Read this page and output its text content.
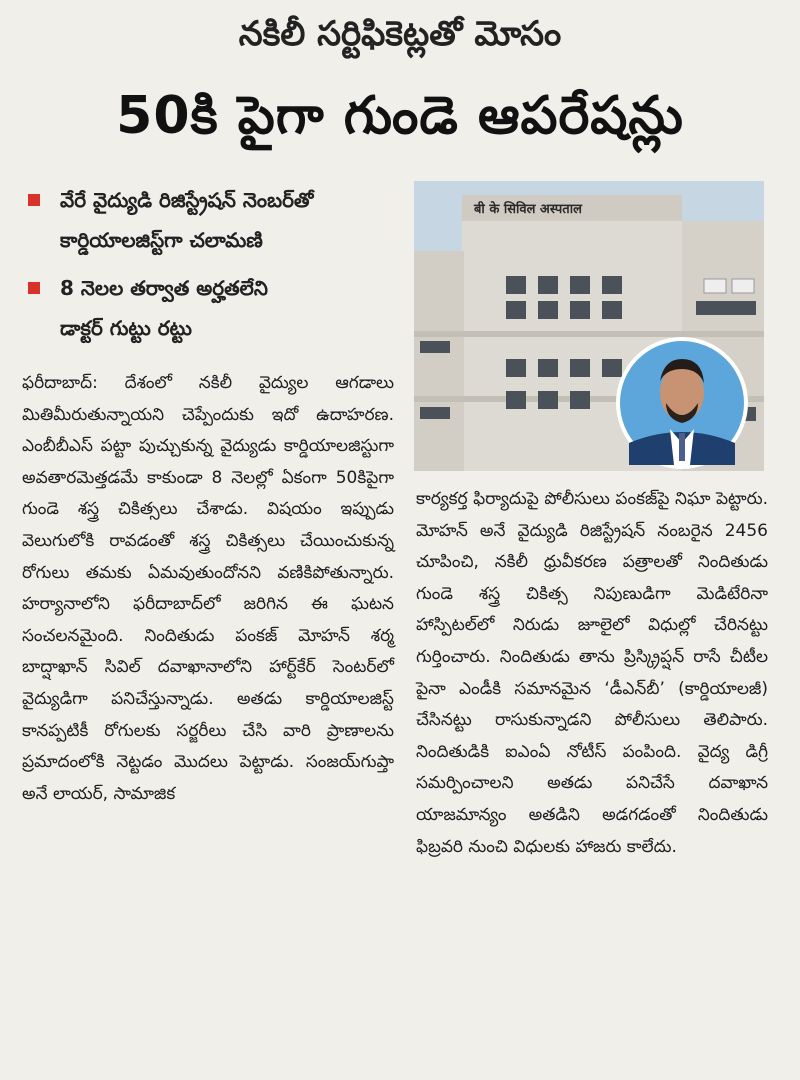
నకిలీ సర్టిఫికెట్లతో మోసం
50కి పైగా గుండె ఆపరేషన్లు
వేరే వైద్యుడి రిజిస్ట్రేషన్ నెంబర్‌తో
కార్డియాలజిస్ట్‌గా చలామణి
8 నెలల తర్వాత అర్హతలేని
డాక్టర్ గుట్టు రట్టు
बी के सिविल अस्पताल

ఫరీదాబాద్: దేశంలో నకిలీ వైద్యుల ఆగడాలు మితిమీరుతున్నాయని చెప్పేందుకు ఇదో ఉదాహరణ. ఎంబీబీఎస్ పట్టా పుచ్చుకున్న వైద్యుడు కార్డియాలజిస్టుగా అవతారమెత్తడమే కాకుండా 8 నెలల్లో ఏకంగా 50కిపైగా గుండె శస్త్ర చికిత్సలు చేశాడు. విషయం ఇప్పుడు వెలుగులోకి రావడంతో శస్త్ర చికిత్సలు చేయించుకున్న రోగులు తమకు ఏమవుతుందోనని వణికిపోతున్నారు. హర్యానాలోని ఫరీదాబాద్‌లో జరిగిన ఈ ఘటన సంచలనమైంది. నిందితుడు పంకజ్ మోహన్ శర్మ బాద్షాఖాన్ సివిల్ దవాఖానాలోని హార్ట్‌కేర్ సెంటర్‌లో వైద్యుడిగా పనిచేస్తున్నాడు. అతడు కార్డియాలజిస్ట్ కానప్పటికీ రోగులకు సర్జరీలు చేసి వారి ప్రాణాలను ప్రమాదంలోకి నెట్టడం మొదలు పెట్టాడు. సంజయ్‌గుప్తా అనే లాయర్, సామాజిక

కార్యకర్త ఫిర్యాదుపై పోలీసులు పంకజ్‌పై నిఘా పెట్టారు. మోహన్ అనే వైద్యుడి రిజిస్ట్రేషన్ నంబరైన 2456 చూపించి, నకిలీ ధ్రువీకరణ పత్రాలతో నిందితుడు గుండె శస్త్ర చికిత్స నిపుణుడిగా మెడిటేరినా హాస్పిటల్‌లో నిరుడు జూలైలో విధుల్లో చేరినట్టు గుర్తించారు. నిందితుడు తాను ప్రిస్క్రిప్షన్ రాసే చీటీల పైనా ఎండీకి సమానమైన ‘డీఎన్‌బీ’ (కార్డియాలజీ) చేసినట్టు రాసుకున్నాడని పోలీసులు తెలిపారు. నిందితుడికి ఐఎంఏ నోటీస్ పంపింది. వైద్య డిగ్రీ సమర్పించాలని అతడు పనిచేసే దవాఖాన యాజమాన్యం అతడిని అడగడంతో నిందితుడు ఫిబ్రవరి నుంచి విధులకు హాజరు కాలేదు.
